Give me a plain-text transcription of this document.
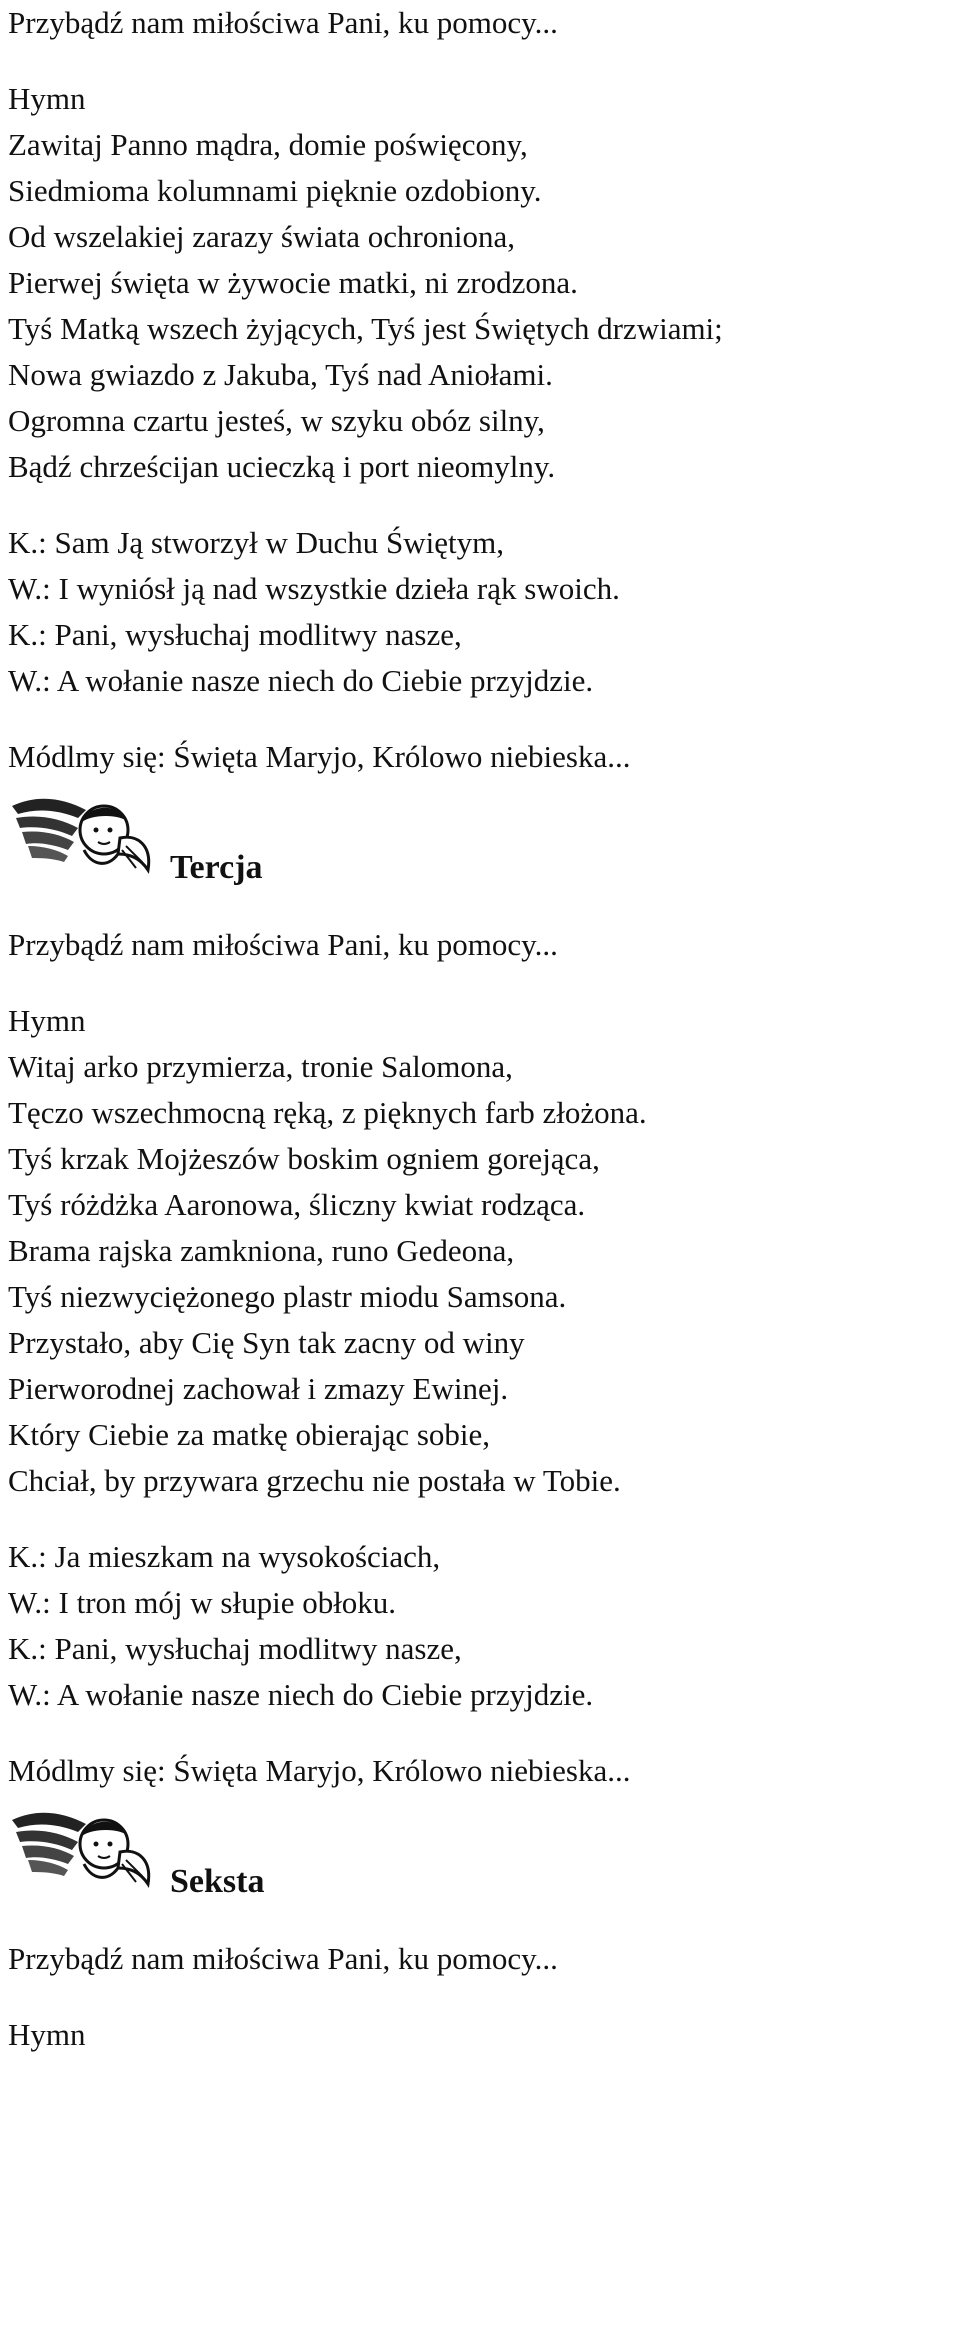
Przybądź nam miłościwa Pani, ku pomocy...

Hymn

Zawitaj Panno mądra, domie poświęcony,

Siedmioma kolumnami pięknie ozdobiony.

Od wszelakiej zarazy świata ochroniona,

Pierwej święta w żywocie matki, ni zrodzona.

Tyś Matką wszech żyjących, Tyś jest Świętych drzwiami;

Nowa gwiazdo z Jakuba, Tyś nad Aniołami.

Ogromna czartu jesteś, w szyku obóz silny,

Bądź chrześcijan ucieczką i port nieomylny.

K.: Sam Ją stworzył w Duchu Świętym,

W.: I wyniósł ją nad wszystkie dzieła rąk swoich.

K.: Pani, wysłuchaj modlitwy nasze,

W.: A wołanie nasze niech do Ciebie przyjdzie.

Módlmy się: Święta Maryjo, Królowo niebieska...

Tercja

Przybądź nam miłościwa Pani, ku pomocy...

Hymn

Witaj arko przymierza, tronie Salomona,

Tęczo wszechmocną ręką, z pięknych farb złożona.

Tyś krzak Mojżeszów boskim ogniem gorejąca,

Tyś różdżka Aaronowa, śliczny kwiat rodząca.

Brama rajska zamkniona, runo Gedeona,

Tyś niezwyciężonego plastr miodu Samsona.

Przystało, aby Cię Syn tak zacny od winy

Pierworodnej zachował i zmazy Ewinej.

Który Ciebie za matkę obierając sobie,

Chciał, by przywara grzechu nie postała w Tobie.

K.: Ja mieszkam na wysokościach,

W.: I tron mój w słupie obłoku.

K.: Pani, wysłuchaj modlitwy nasze,

W.: A wołanie nasze niech do Ciebie przyjdzie.

Módlmy się: Święta Maryjo, Królowo niebieska...

Seksta

Przybądź nam miłościwa Pani, ku pomocy...

Hymn
